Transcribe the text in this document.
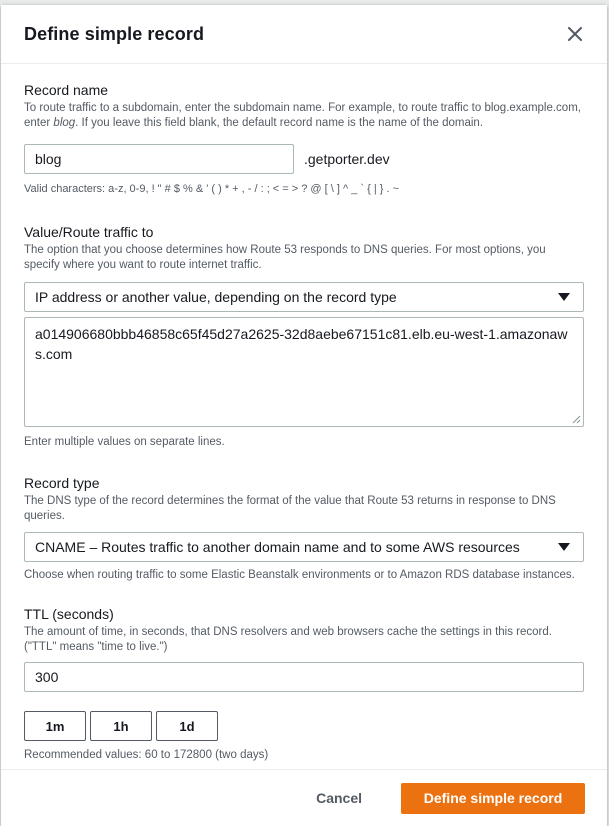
Define simple record
Record name
To route traffic to a subdomain, enter the subdomain name. For example, to route traffic to blog.example.com, enter blog. If you leave this field blank, the default record name is the name of the domain.
blog	.getporter.dev
Valid characters: a-z, 0-9, ! " # $ % & ' ( ) * + , - / : ; < = > ? @ [ \ ] ^ _ ` { | } . ~
Value/Route traffic to
The option that you choose determines how Route 53 responds to DNS queries. For most options, you specify where you want to route internet traffic.
IP address or another value, depending on the record type
a014906680bbb46858c65f45d27a2625-32d8aebe67151c81.elb.eu-west-1.amazonaws.com
Enter multiple values on separate lines.
Record type
The DNS type of the record determines the format of the value that Route 53 returns in response to DNS queries.
CNAME – Routes traffic to another domain name and to some AWS resources
Choose when routing traffic to some Elastic Beanstalk environments or to Amazon RDS database instances.
TTL (seconds)
The amount of time, in seconds, that DNS resolvers and web browsers cache the settings in this record. ("TTL" means "time to live.")
300
1m	1h	1d
Recommended values: 60 to 172800 (two days)
Cancel	Define simple record
